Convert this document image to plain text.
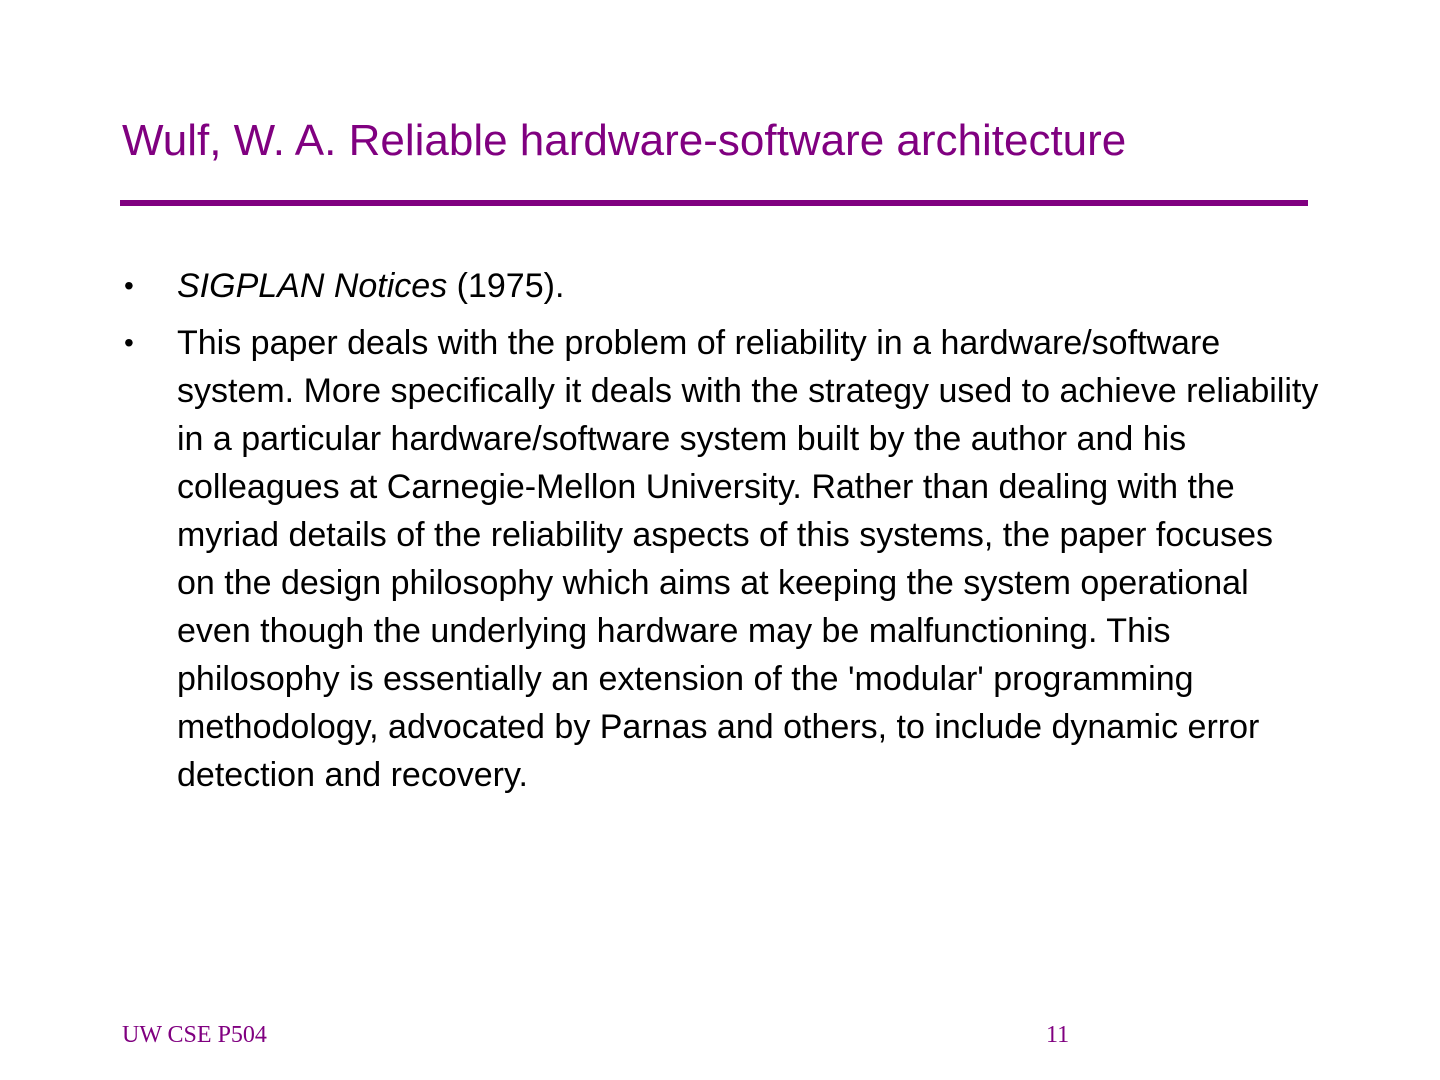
Wulf, W. A. Reliable hardware-software architecture
• SIGPLAN Notices (1975).
• This paper deals with the problem of reliability in a hardware/software system. More specifically it deals with the strategy used to achieve reliability in a particular hardware/software system built by the author and his colleagues at Carnegie-Mellon University. Rather than dealing with the myriad details of the reliability aspects of this systems, the paper focuses on the design philosophy which aims at keeping the system operational even though the underlying hardware may be malfunctioning. This philosophy is essentially an extension of the 'modular' programming methodology, advocated by Parnas and others, to include dynamic error detection and recovery.
UW CSE P504	11
